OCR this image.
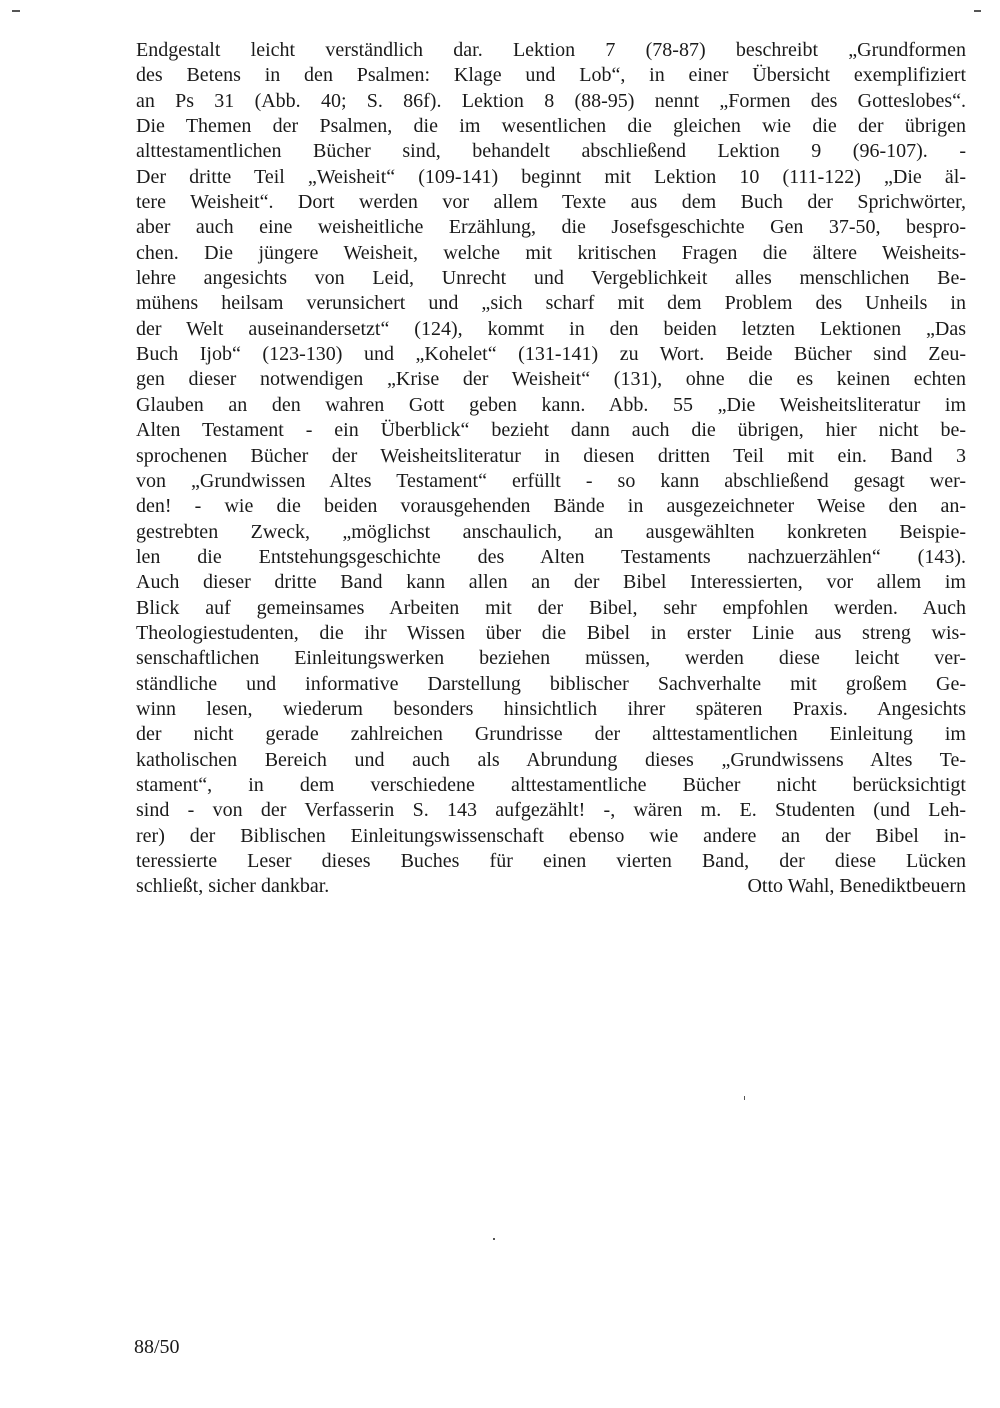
Endgestalt leicht verständlich dar. Lektion 7 (78-87) beschreibt „Grundformen
des Betens in den Psalmen: Klage und Lob“, in einer Übersicht exemplifiziert
an Ps 31 (Abb. 40; S. 86f). Lektion 8 (88-95) nennt „Formen des Gotteslobes“.
Die Themen der Psalmen, die im wesentlichen die gleichen wie die der übrigen
alttestamentlichen Bücher sind, behandelt abschließend Lektion 9 (96-107). -
Der dritte Teil „Weisheit“ (109-141) beginnt mit Lektion 10 (111-122) „Die äl-
tere Weisheit“. Dort werden vor allem Texte aus dem Buch der Sprichwörter,
aber auch eine weisheitliche Erzählung, die Josefsgeschichte Gen 37-50, bespro-
chen. Die jüngere Weisheit, welche mit kritischen Fragen die ältere Weisheits-
lehre angesichts von Leid, Unrecht und Vergeblichkeit alles menschlichen Be-
mühens heilsam verunsichert und „sich scharf mit dem Problem des Unheils in
der Welt auseinandersetzt“ (124), kommt in den beiden letzten Lektionen „Das
Buch Ijob“ (123-130) und „Kohelet“ (131-141) zu Wort. Beide Bücher sind Zeu-
gen dieser notwendigen „Krise der Weisheit“ (131), ohne die es keinen echten
Glauben an den wahren Gott geben kann. Abb. 55 „Die Weisheitsliteratur im
Alten Testament - ein Überblick“ bezieht dann auch die übrigen, hier nicht be-
sprochenen Bücher der Weisheitsliteratur in diesen dritten Teil mit ein. Band 3
von „Grundwissen Altes Testament“ erfüllt - so kann abschließend gesagt wer-
den! - wie die beiden vorausgehenden Bände in ausgezeichneter Weise den an-
gestrebten Zweck, „möglichst anschaulich, an ausgewählten konkreten Beispie-
len die Entstehungsgeschichte des Alten Testaments nachzuerzählen“ (143).
Auch dieser dritte Band kann allen an der Bibel Interessierten, vor allem im
Blick auf gemeinsames Arbeiten mit der Bibel, sehr empfohlen werden. Auch
Theologiestudenten, die ihr Wissen über die Bibel in erster Linie aus streng wis-
senschaftlichen Einleitungswerken beziehen müssen, werden diese leicht ver-
ständliche und informative Darstellung biblischer Sachverhalte mit großem Ge-
winn lesen, wiederum besonders hinsichtlich ihrer späteren Praxis. Angesichts
der nicht gerade zahlreichen Grundrisse der alttestamentlichen Einleitung im
katholischen Bereich und auch als Abrundung dieses „Grundwissens Altes Te-
stament“, in dem verschiedene alttestamentliche Bücher nicht berücksichtigt
sind - von der Verfasserin S. 143 aufgezählt! -, wären m. E. Studenten (und Leh-
rer) der Biblischen Einleitungswissenschaft ebenso wie andere an der Bibel in-
teressierte Leser dieses Buches für einen vierten Band, der diese Lücken
schließt, sicher dankbar.	Otto Wahl, Benediktbeuern
88/50
